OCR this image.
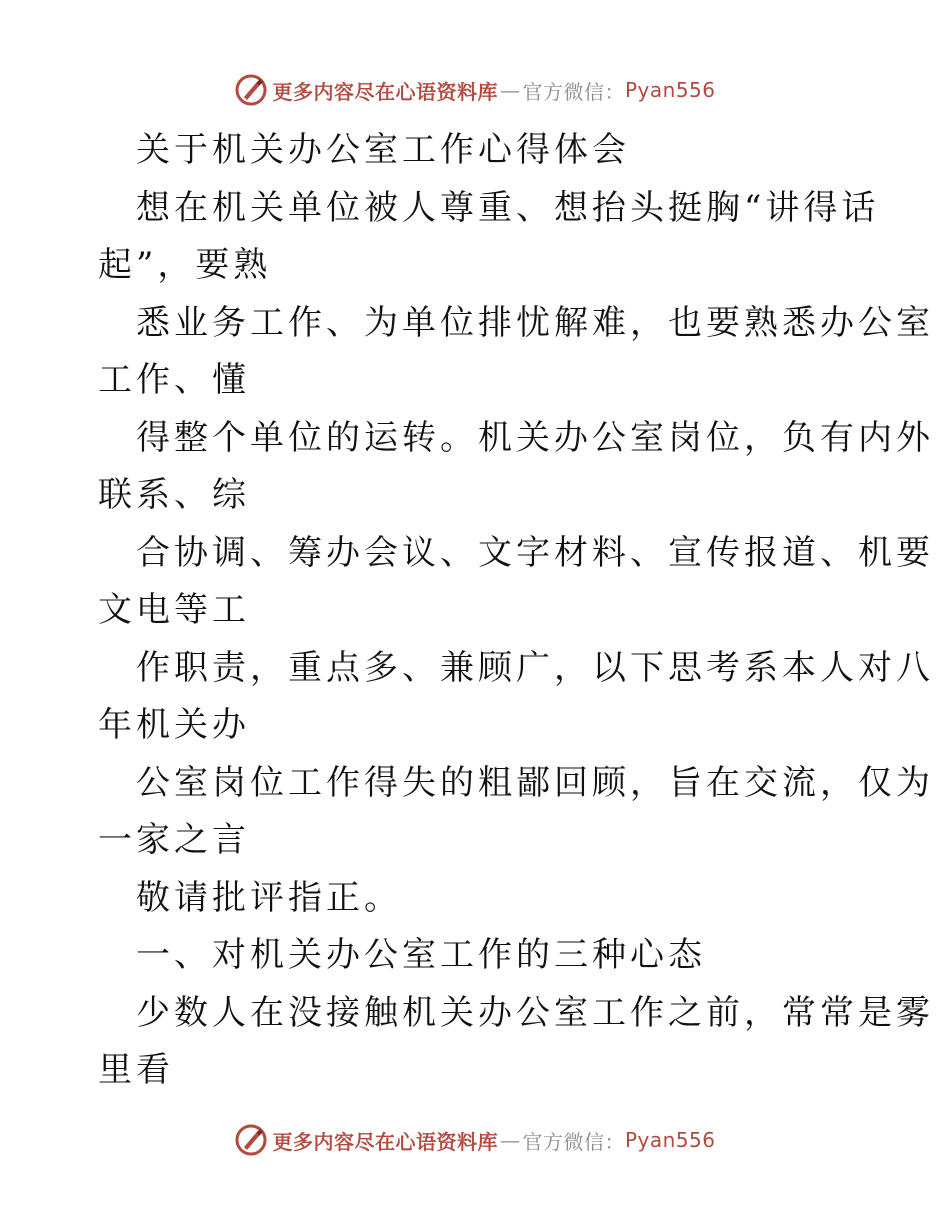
更多内容尽在心语资料库 — 官方微信： Pyan556
关于机关办公室工作心得体会
想在机关单位被人尊重、想抬头挺胸“讲得话
起”，要熟
悉业务工作、为单位排忧解难，也要熟悉办公室
工作、懂
得整个单位的运转。机关办公室岗位，负有内外
联系、综
合协调、筹办会议、文字材料、宣传报道、机要
文电等工
作职责，重点多、兼顾广，以下思考系本人对八
年机关办
公室岗位工作得失的粗鄙回顾，旨在交流，仅为
一家之言
敬请批评指正。
一、对机关办公室工作的三种心态
少数人在没接触机关办公室工作之前，常常是雾
里看
更多内容尽在心语资料库 — 官方微信： Pyan556
